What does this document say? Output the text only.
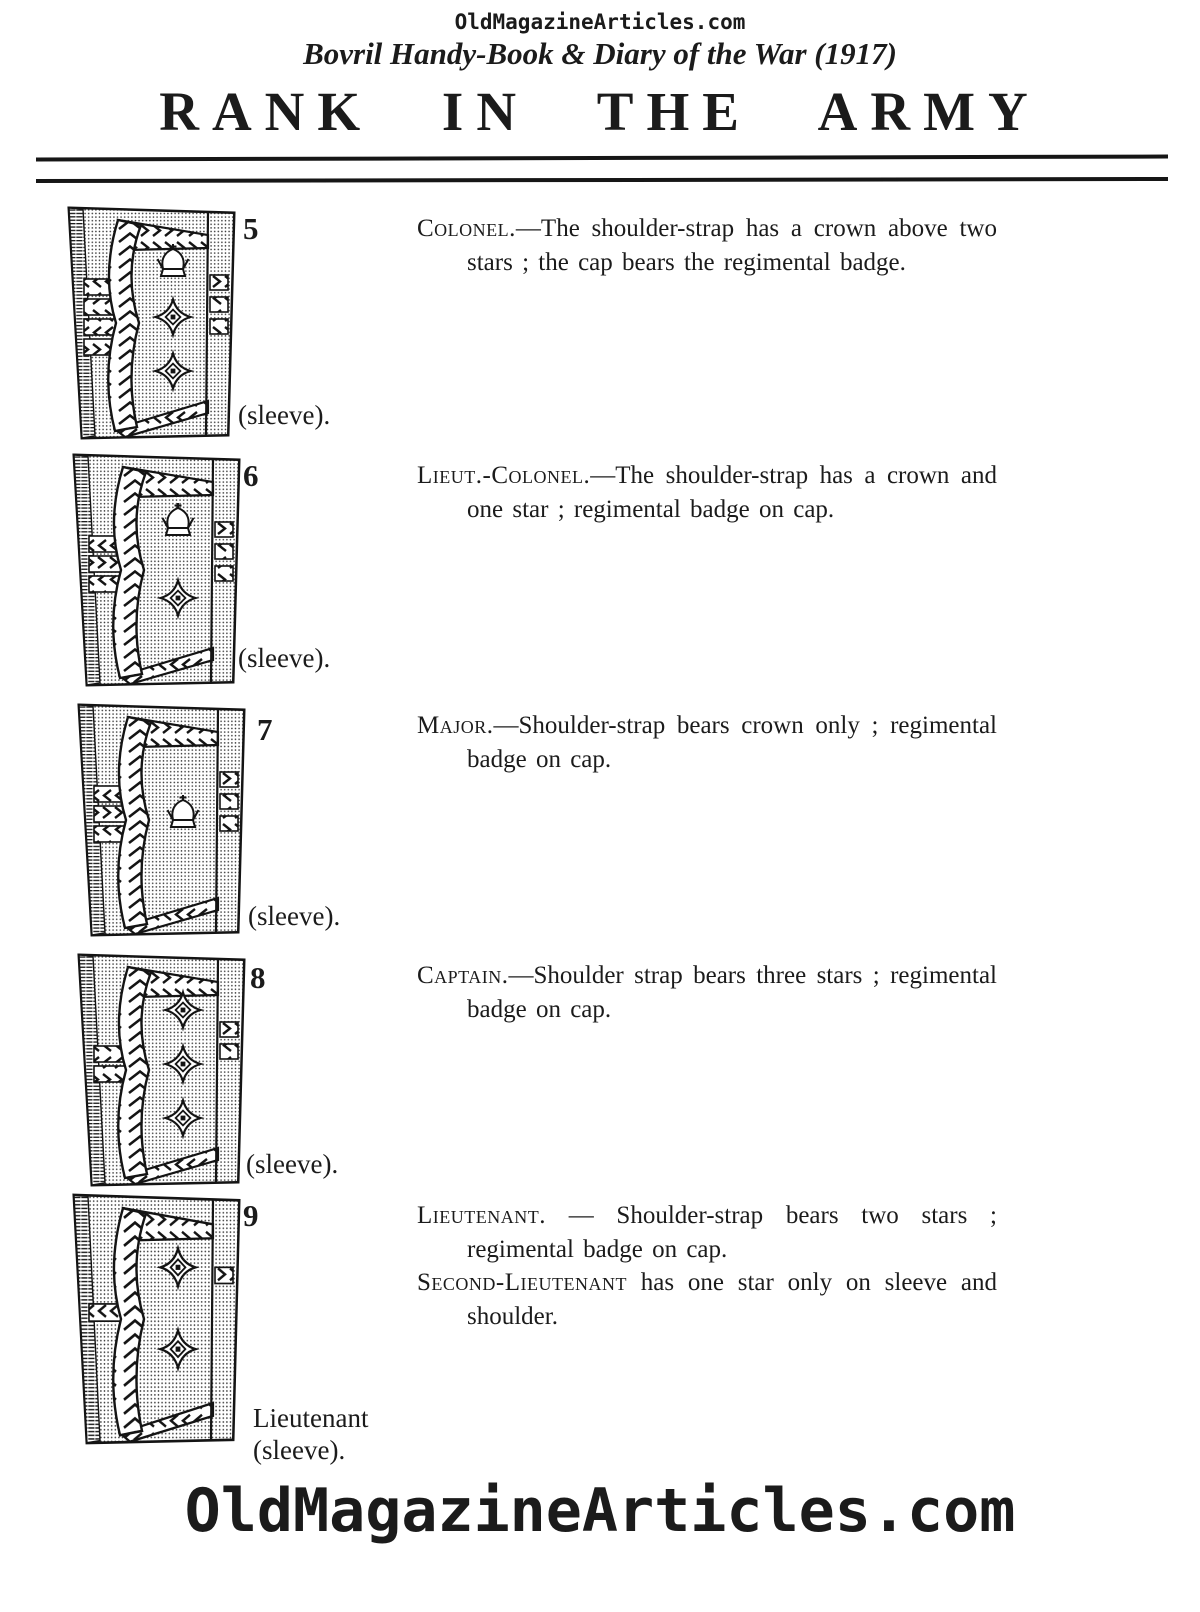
OldMagazineArticles.com
Bovril Handy-Book & Diary of the War (1917)
RANK IN THE ARMY
5
(sleeve).

Colonel.—The shoulder-strap has a crown above two stars ; the cap bears the regimental badge.

6
(sleeve).

Lieut.-Colonel.—The shoulder-strap has a crown and one star ; regimental badge on cap.

7
(sleeve).

Major.—Shoulder-strap bears crown only ; regimental badge on cap.

8
(sleeve).

Captain.—Shoulder strap bears three stars ; regimental badge on cap.

9
Lieutenant
(sleeve).

Lieutenant. — Shoulder-strap bears two stars ; regimental badge on cap.

Second-Lieutenant has one star only on sleeve and shoulder.

OldMagazineArticles.com
